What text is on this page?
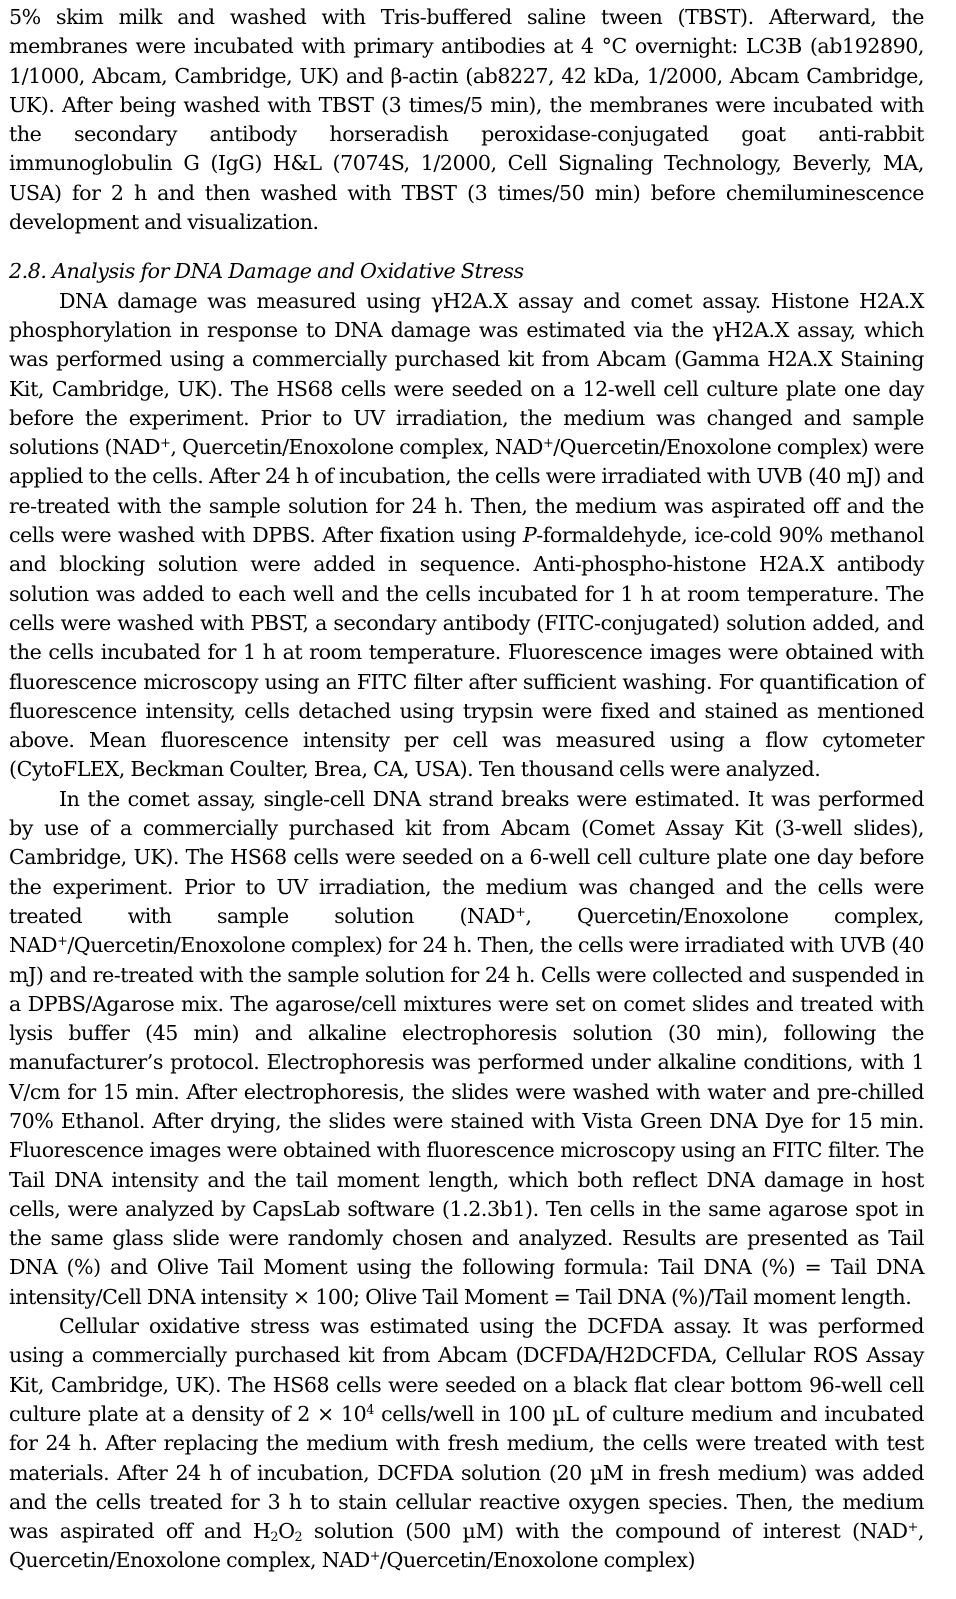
5% skim milk and washed with Tris-buffered saline tween (TBST). Afterward, the membranes were incubated with primary antibodies at 4 °C overnight: LC3B (ab192890, 1/1000, Abcam, Cambridge, UK) and β-actin (ab8227, 42 kDa, 1/2000, Abcam Cambridge, UK). After being washed with TBST (3 times/5 min), the membranes were incubated with the secondary antibody horseradish peroxidase-conjugated goat anti-rabbit immunoglobulin G (IgG) H&L (7074S, 1/2000, Cell Signaling Technology, Beverly, MA, USA) for 2 h and then washed with TBST (3 times/50 min) before chemiluminescence development and visualization.

2.8. Analysis for DNA Damage and Oxidative Stress

DNA damage was measured using γH2A.X assay and comet assay. Histone H2A.X phosphorylation in response to DNA damage was estimated via the γH2A.X assay, which was performed using a commercially purchased kit from Abcam (Gamma H2A.X Staining Kit, Cambridge, UK). The HS68 cells were seeded on a 12-well cell culture plate one day before the experiment. Prior to UV irradiation, the medium was changed and sample solutions (NAD+, Quercetin/Enoxolone complex, NAD+/Quercetin/Enoxolone complex) were applied to the cells. After 24 h of incubation, the cells were irradiated with UVB (40 mJ) and re-treated with the sample solution for 24 h. Then, the medium was aspirated off and the cells were washed with DPBS. After fixation using P-formaldehyde, ice-cold 90% methanol and blocking solution were added in sequence. Anti-phospho-histone H2A.X antibody solution was added to each well and the cells incubated for 1 h at room temperature. The cells were washed with PBST, a secondary antibody (FITC-conjugated) solution added, and the cells incubated for 1 h at room temperature. Fluorescence images were obtained with fluorescence microscopy using an FITC filter after sufficient washing. For quantification of fluorescence intensity, cells detached using trypsin were fixed and stained as mentioned above. Mean fluorescence intensity per cell was measured using a flow cytometer (CytoFLEX, Beckman Coulter, Brea, CA, USA). Ten thousand cells were analyzed.

In the comet assay, single-cell DNA strand breaks were estimated. It was performed by use of a commercially purchased kit from Abcam (Comet Assay Kit (3-well slides), Cambridge, UK). The HS68 cells were seeded on a 6-well cell culture plate one day before the experiment. Prior to UV irradiation, the medium was changed and the cells were treated with sample solution (NAD+, Quercetin/Enoxolone complex, NAD+/Quercetin/Enoxolone complex) for 24 h. Then, the cells were irradiated with UVB (40 mJ) and re-treated with the sample solution for 24 h. Cells were collected and suspended in a DPBS/Agarose mix. The agarose/cell mixtures were set on comet slides and treated with lysis buffer (45 min) and alkaline electrophoresis solution (30 min), following the manufacturer’s protocol. Electrophoresis was performed under alkaline conditions, with 1 V/cm for 15 min. After electrophoresis, the slides were washed with water and pre-chilled 70% Ethanol. After drying, the slides were stained with Vista Green DNA Dye for 15 min. Fluorescence images were obtained with fluorescence microscopy using an FITC filter. The Tail DNA intensity and the tail moment length, which both reflect DNA damage in host cells, were analyzed by CapsLab software (1.2.3b1). Ten cells in the same agarose spot in the same glass slide were randomly chosen and analyzed. Results are presented as Tail DNA (%) and Olive Tail Moment using the following formula: Tail DNA (%) = Tail DNA intensity/Cell DNA intensity × 100; Olive Tail Moment = Tail DNA (%)/Tail moment length.

Cellular oxidative stress was estimated using the DCFDA assay. It was performed using a commercially purchased kit from Abcam (DCFDA/H2DCFDA, Cellular ROS Assay Kit, Cambridge, UK). The HS68 cells were seeded on a black flat clear bottom 96-well cell culture plate at a density of $2 \times 10^4$ cells/well in 100 µL of culture medium and incubated for 24 h. After replacing the medium with fresh medium, the cells were treated with test materials. After 24 h of incubation, DCFDA solution (20 µM in fresh medium) was added and the cells treated for 3 h to stain cellular reactive oxygen species. Then, the medium was aspirated off and $H_2O_2$ solution (500 µM) with the compound of interest (NAD+, Quercetin/Enoxolone complex, NAD+/Quercetin/Enoxolone complex)
